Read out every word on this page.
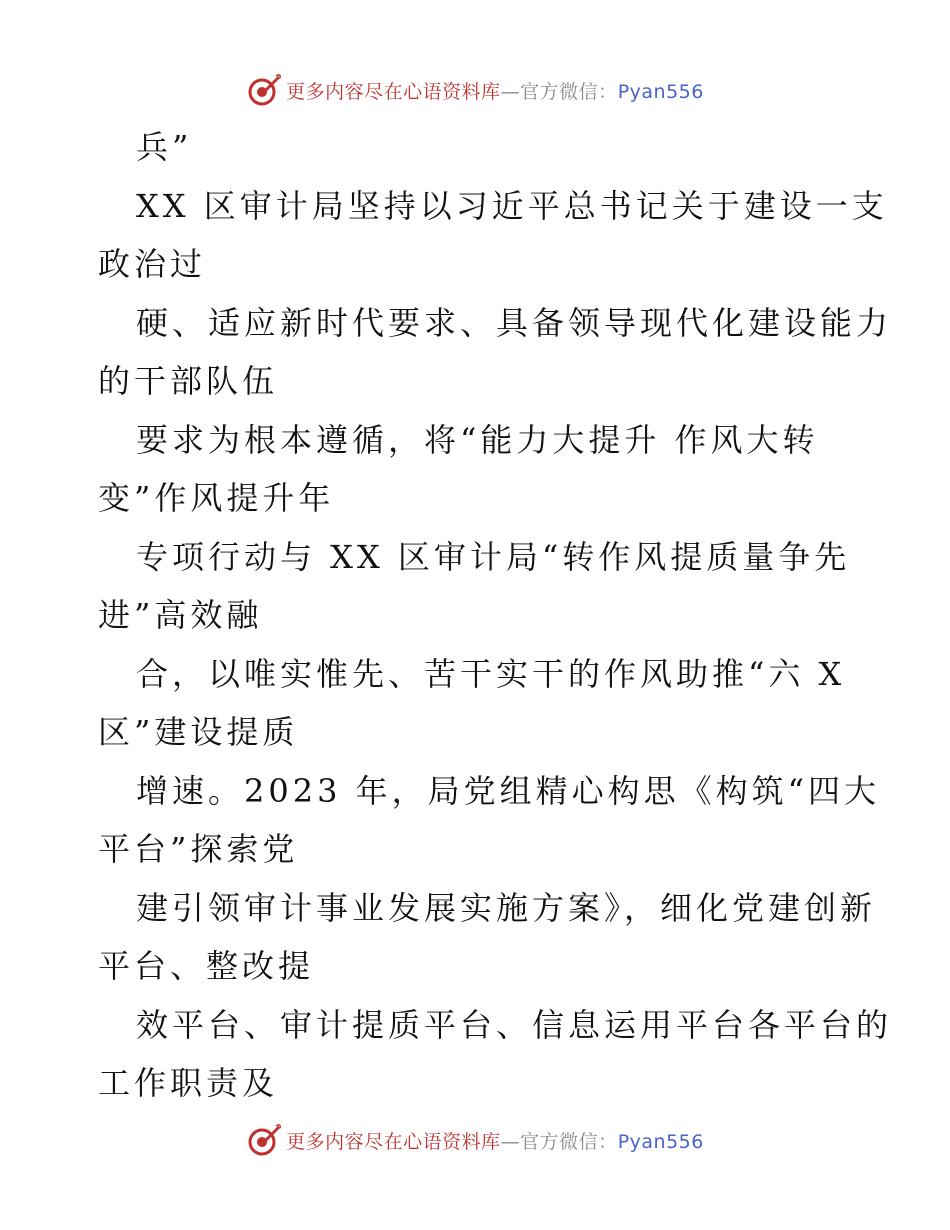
更多内容尽在心语资料库—官方微信：Pyan556
兵”
XX 区审计局坚持以习近平总书记关于建设一支
政治过
硬、适应新时代要求、具备领导现代化建设能力
的干部队伍
要求为根本遵循，将“能力大提升 作风大转
变”作风提升年
专项行动与 XX 区审计局“转作风提质量争先
进”高效融
合，以唯实惟先、苦干实干的作风助推“六 X
区”建设提质
增速。2023 年，局党组精心构思《构筑“四大
平台”探索党
建引领审计事业发展实施方案》，细化党建创新
平台、整改提
效平台、审计提质平台、信息运用平台各平台的
工作职责及
更多内容尽在心语资料库—官方微信：Pyan556
